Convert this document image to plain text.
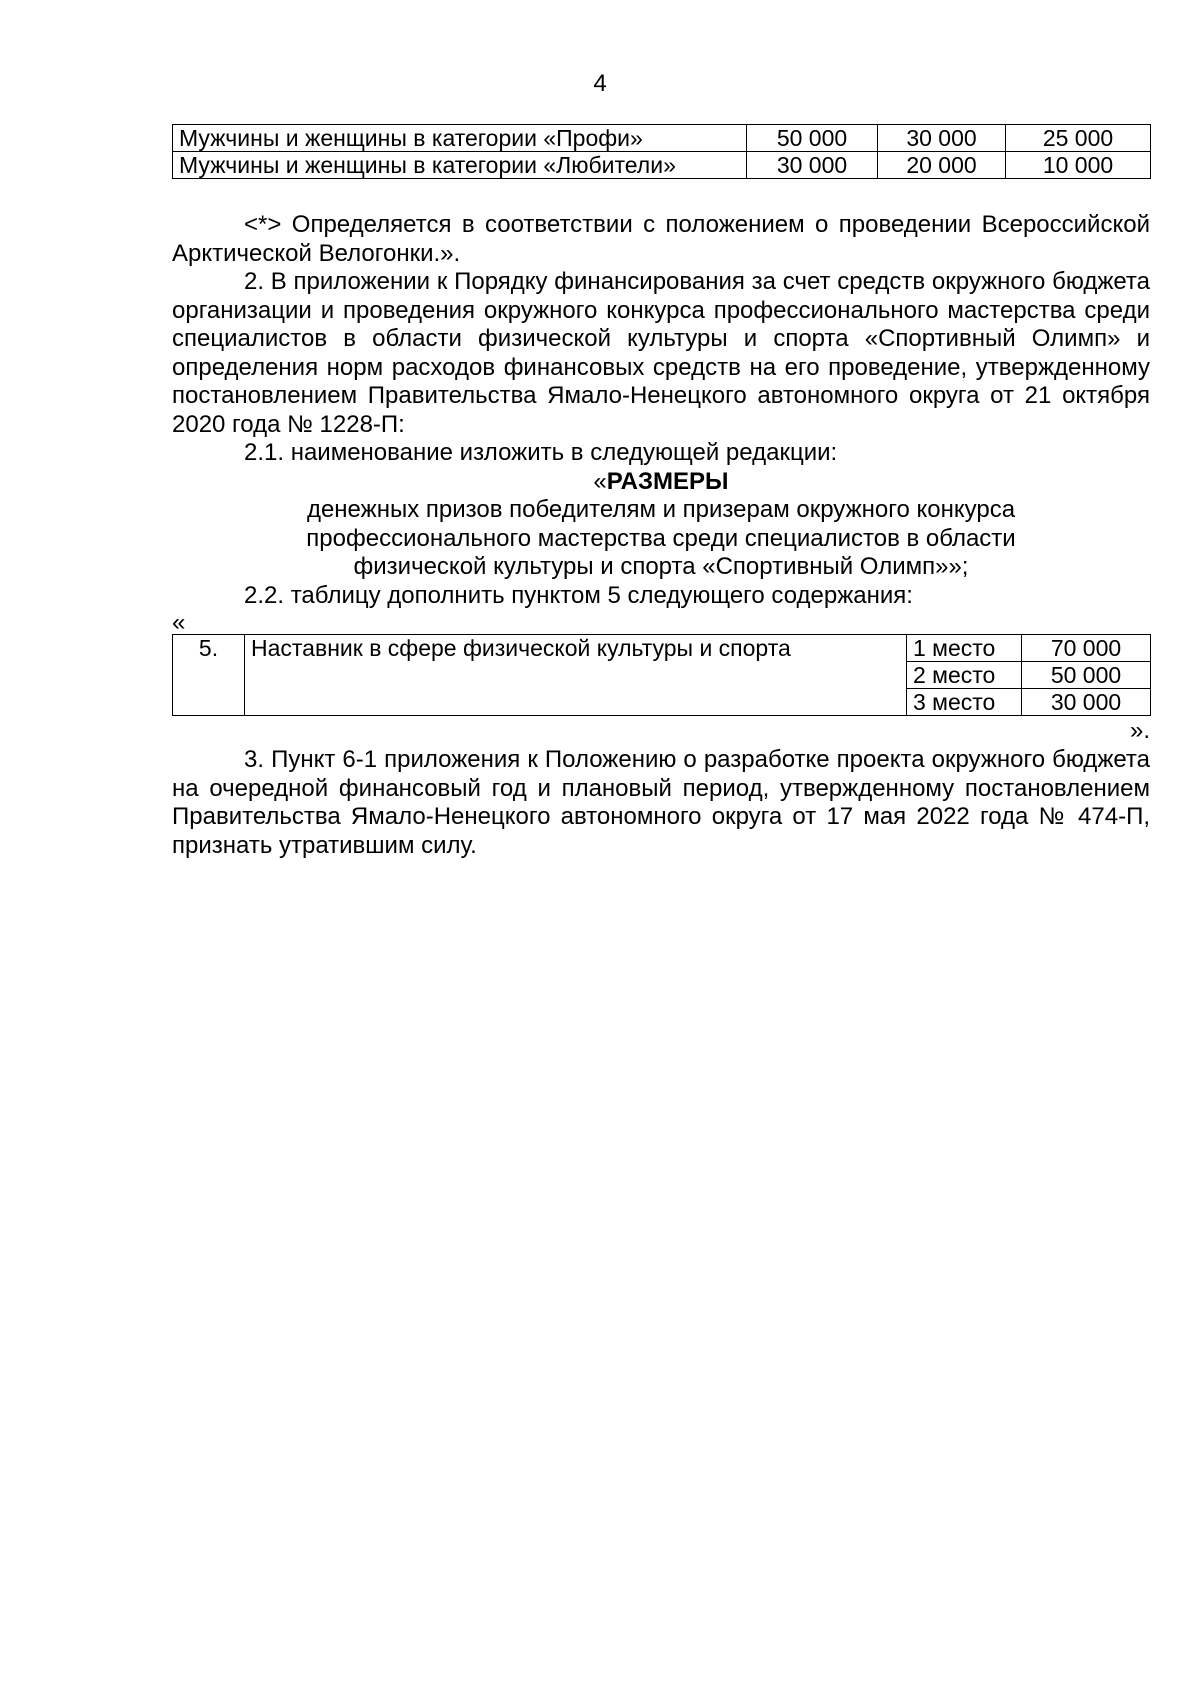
4
Мужчины и женщины в категории «Профи»	50 000	30 000	25 000
Мужчины и женщины в категории «Любители»	30 000	20 000	10 000

<*> Определяется в соответствии с положением о проведении Всероссийской Арктической Велогонки.».

2. В приложении к Порядку финансирования за счет средств окружного бюджета организации и проведения окружного конкурса профессионального мастерства среди специалистов в области физической культуры и спорта «Спортивный Олимп» и определения норм расходов финансовых средств на его проведение, утвержденному постановлением Правительства Ямало-Ненецкого автономного округа от 21 октября 2020 года № 1228-П:

2.1. наименование изложить в следующей редакции:

«РАЗМЕРЫ

денежных призов победителям и призерам окружного конкурса

профессионального мастерства среди специалистов в области

физической культуры и спорта «Спортивный Олимп»»;

2.2. таблицу дополнить пунктом 5 следующего содержания:

«
5.	Наставник в сфере физической культуры и спорта	1 место	70 000
		2 место	50 000
		3 место	30 000
».

3. Пункт 6-1 приложения к Положению о разработке проекта окружного бюджета на очередной финансовый год и плановый период, утвержденному постановлением Правительства Ямало-Ненецкого автономного округа от 17 мая 2022 года № 474-П, признать утратившим силу.
